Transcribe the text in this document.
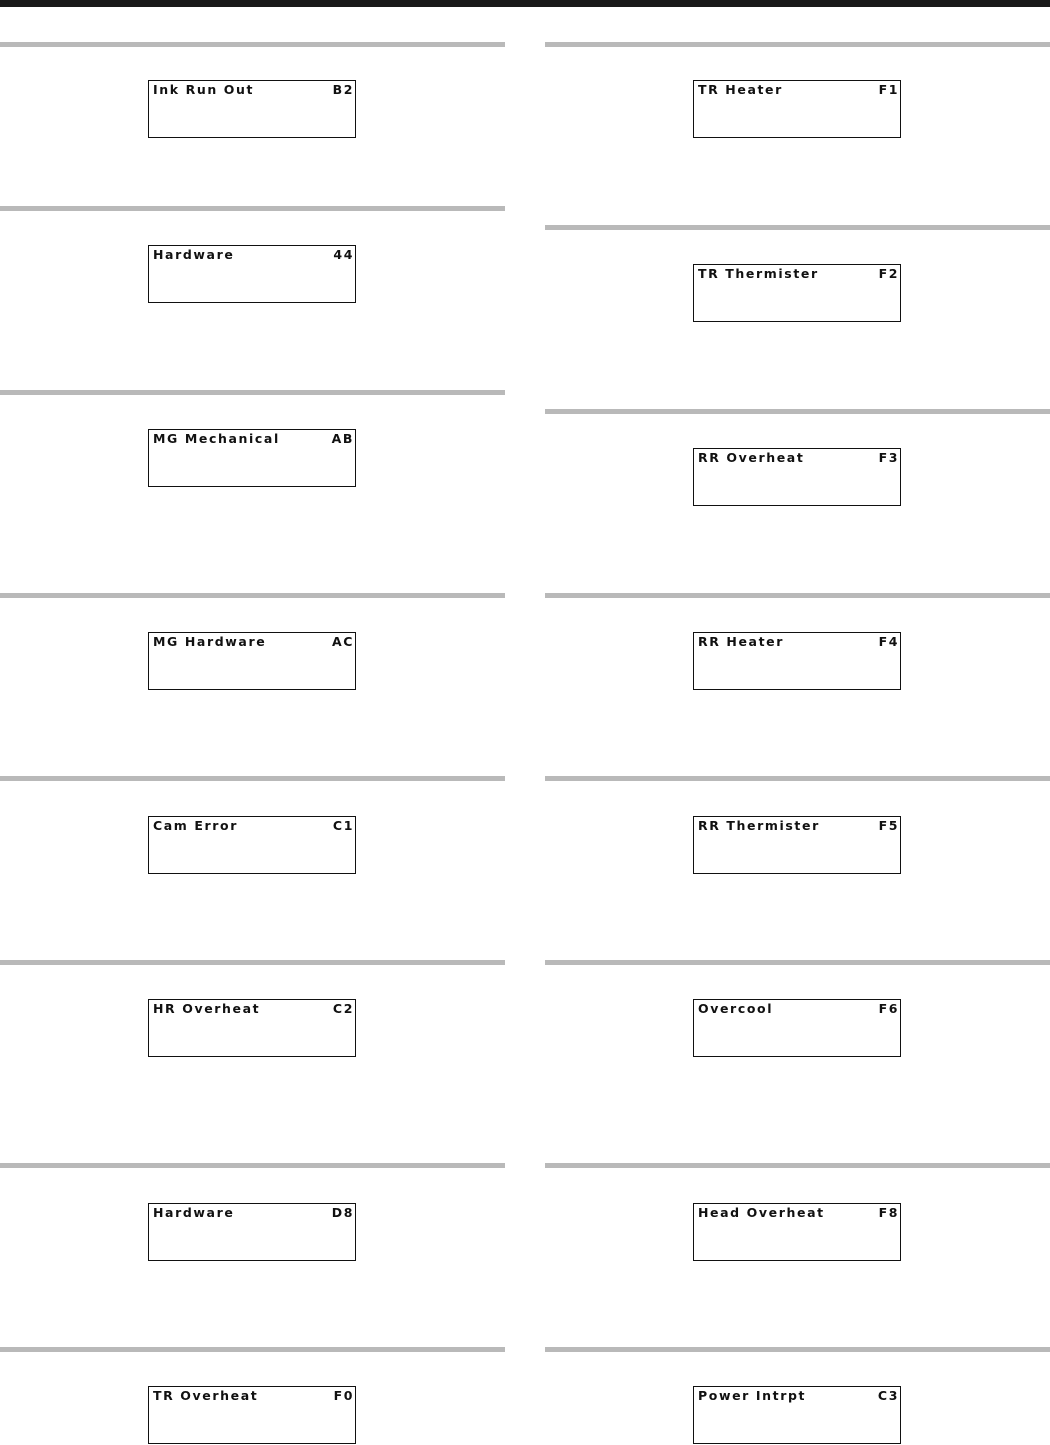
Ink Run Out	B2
Hardware	44
MG Mechanical	AB
MG Hardware	AC
Cam Error	C1
HR Overheat	C2
Hardware	D8
TR Overheat	F0
TR Heater	F1
TR Thermister	F2
RR Overheat	F3
RR Heater	F4
RR Thermister	F5
Overcool	F6
Head Overheat	F8
Power Intrpt	C3
